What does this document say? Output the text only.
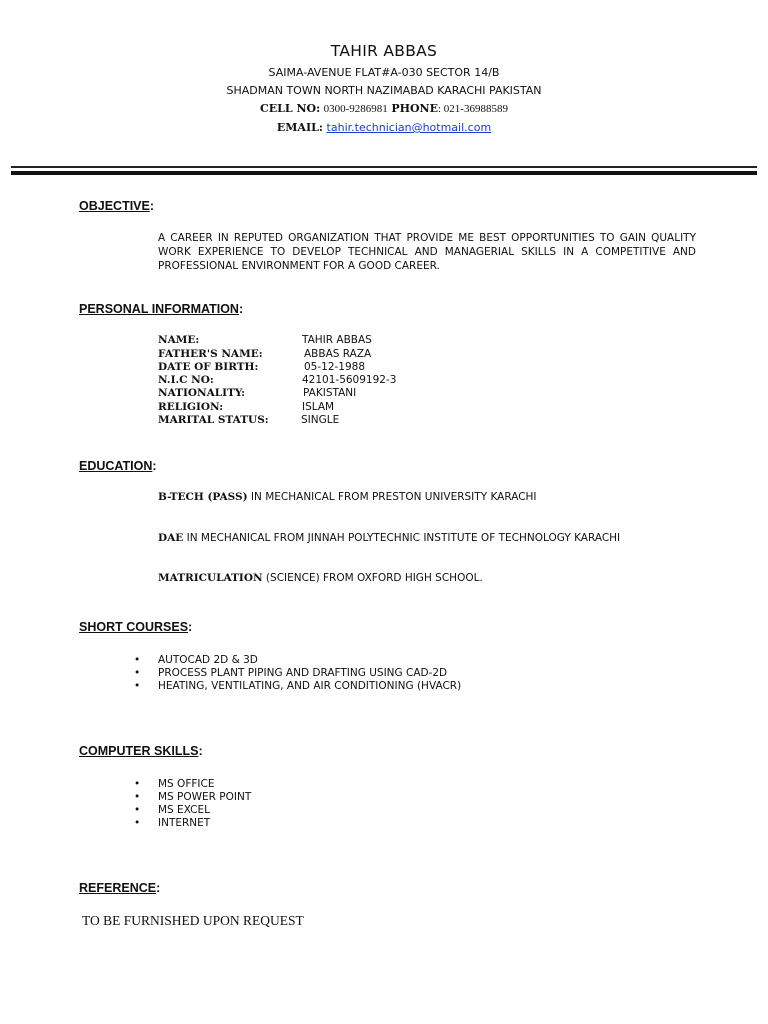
TAHIR ABBAS
SAIMA-AVENUE FLAT#A-030 SECTOR 14/B
SHADMAN TOWN NORTH NAZIMABAD KARACHI PAKISTAN
CELL NO: 0300-9286981 PHONE: 021-36988589
EMAIL: tahir.technician@hotmail.com
OBJECTIVE:
A CAREER IN REPUTED ORGANIZATION THAT PROVIDE ME BEST OPPORTUNITIES TO GAIN QUALITY WORK EXPERIENCE TO DEVELOP TECHNICAL AND MANAGERIAL SKILLS IN A COMPETITIVE AND PROFESSIONAL ENVIRONMENT FOR A GOOD CAREER.
PERSONAL INFORMATION:
NAME:	TAHIR ABBAS
FATHER'S NAME:	ABBAS RAZA
DATE OF BIRTH:	05-12-1988
N.I.C NO:	42101-5609192-3
NATIONALITY:	PAKISTANI
RELIGION:	ISLAM
MARITAL STATUS:	SINGLE
EDUCATION:
B-TECH (PASS) IN MECHANICAL FROM PRESTON UNIVERSITY KARACHI
DAE IN MECHANICAL FROM JINNAH POLYTECHNIC INSTITUTE OF TECHNOLOGY KARACHI
MATRICULATION (SCIENCE) FROM OXFORD HIGH SCHOOL.
SHORT COURSES:
• AUTOCAD 2D & 3D
• PROCESS PLANT PIPING AND DRAFTING USING CAD-2D
• HEATING, VENTILATING, AND AIR CONDITIONING (HVACR)
COMPUTER SKILLS:
• MS OFFICE
• MS POWER POINT
• MS EXCEL
• INTERNET
REFERENCE:
TO BE FURNISHED UPON REQUEST
